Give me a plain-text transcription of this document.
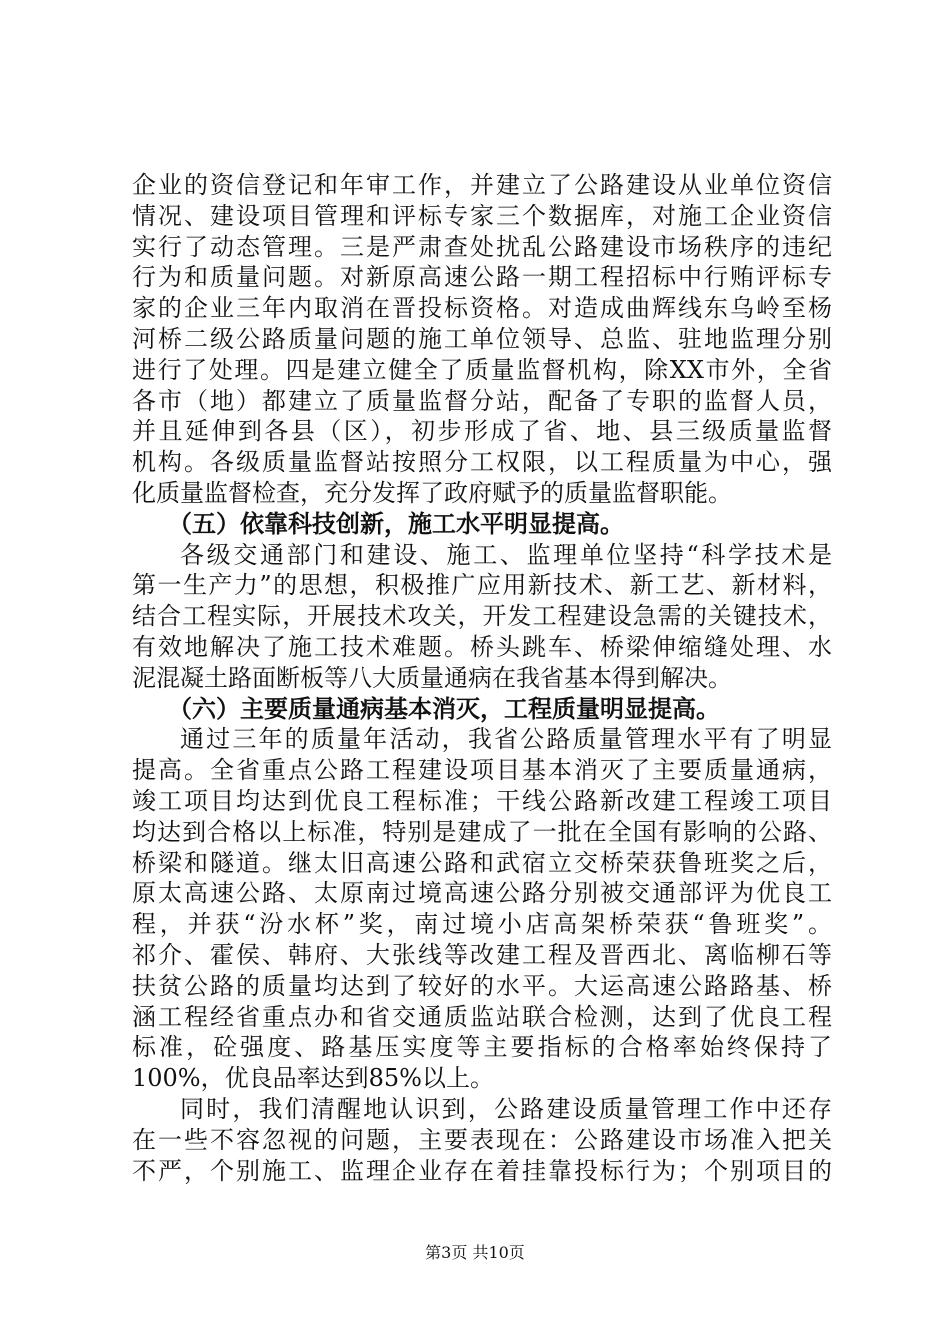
企业的资信登记和年审工作，并建立了公路建设从业单位资信
情况、建设项目管理和评标专家三个数据库，对施工企业资信
实行了动态管理。三是严肃查处扰乱公路建设市场秩序的违纪
行为和质量问题。对新原高速公路一期工程招标中行贿评标专
家的企业三年内取消在晋投标资格。对造成曲辉线东乌岭至杨
河桥二级公路质量问题的施工单位领导、总监、驻地监理分别
进行了处理。四是建立健全了质量监督机构，除XX市外，全省
各市（地）都建立了质量监督分站，配备了专职的监督人员，
并且延伸到各县（区），初步形成了省、地、县三级质量监督
机构。各级质量监督站按照分工权限，以工程质量为中心，强
化质量监督检查，充分发挥了政府赋予的质量监督职能。
（五）依靠科技创新，施工水平明显提高。
各级交通部门和建设、施工、监理单位坚持“科学技术是
第一生产力”的思想，积极推广应用新技术、新工艺、新材料，
结合工程实际，开展技术攻关，开发工程建设急需的关键技术，
有效地解决了施工技术难题。桥头跳车、桥梁伸缩缝处理、水
泥混凝土路面断板等八大质量通病在我省基本得到解决。
（六）主要质量通病基本消灭，工程质量明显提高。
通过三年的质量年活动，我省公路质量管理水平有了明显
提高。全省重点公路工程建设项目基本消灭了主要质量通病，
竣工项目均达到优良工程标准；干线公路新改建工程竣工项目
均达到合格以上标准，特别是建成了一批在全国有影响的公路、
桥梁和隧道。继太旧高速公路和武宿立交桥荣获鲁班奖之后，
原太高速公路、太原南过境高速公路分别被交通部评为优良工
程，并获“汾水杯”奖，南过境小店高架桥荣获“鲁班奖”。
祁介、霍侯、韩府、大张线等改建工程及晋西北、离临柳石等
扶贫公路的质量均达到了较好的水平。大运高速公路路基、桥
涵工程经省重点办和省交通质监站联合检测，达到了优良工程
标准，砼强度、路基压实度等主要指标的合格率始终保持了
100%，优良品率达到85%以上。
同时，我们清醒地认识到，公路建设质量管理工作中还存
在一些不容忽视的问题，主要表现在：公路建设市场准入把关
不严，个别施工、监理企业存在着挂靠投标行为；个别项目的
第3页 共10页
